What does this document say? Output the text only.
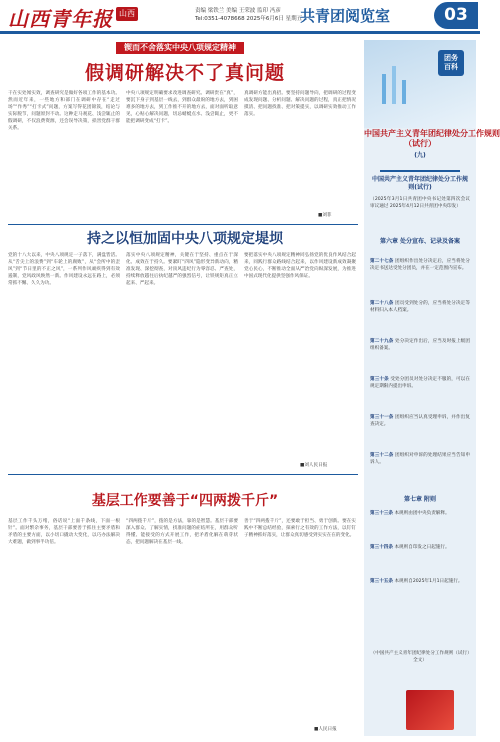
山西青年报 山西	责编 梁铁兰 美编 王荣波 监印 冯彦
Tel:0351-4078668 2025年6月6日 星期五
共青团阅览室	03
锲而不舍落实中央八项规定精神
假调研解决不了真问题
干在实处闻实效，调查研究是做好各项工作的基本功。然而近年来，一些地方和部门在调研中存在“走过场”“作秀”“打卡式”问题，方案写得花团锦簇，结论与实际脱节，问题原封不动。这种走马观花、浅尝辄止的假调研，不仅浪费资源，还会误导决策，损害党群干群关系。
中央八项规定明确要求改进调查研究。调研贵在“真”，要沉下身子到基层一线去，到群众最盼的地方去，到困难多的地方去，到工作推不开的地方去，面对面听取意见，心贴心解决问题，切忌蜻蜓点水、浅尝辄止，更不能把调研变成“打卡”。
真调研方能出真招。要坚持问题导向，把调研的过程变成发现问题、分析问题、解决问题的过程，真正把情况摸清、把问题找准、把对策提实，以调研实效推动工作落实。
■刘菲
持之以恒加固中央八项规定堤坝
党的十八大以来，中央八项规定一子落下，满盘皆活。从“舌尖上的浪费”到“车轮上的腐败”，从“会所中的歪风”到“节日里的不正之风”，一系列作风顽疾得到有效遏制，党风政风焕然一新。作风建设永远在路上，必须常抓不懈、久久为功。
落实中央八项规定精神，关键在于坚持、重点在于深化、成效在于持久。要紧盯“四风”隐形变异新动向，精准发现、深挖彻查，对顶风违纪行为零容忍、严查处，持续释放越往后执纪越严的强烈信号，让铁规矩真正立起来、严起来。
要把落实中央八项规定精神同弘扬党的优良作风结合起来，同践行群众路线结合起来，以作风建设新成效凝聚党心民心，不断推动全面从严治党向纵深发展，为推进中国式现代化提供坚强作风保证。
■刘人民日报
基层工作要善于“四两拨千斤”
基层工作千头万绪，俗话说“上面千条线，下面一根针”。面对繁杂事务，基层干部要善于抓住主要矛盾和矛盾的主要方面，以小切口撬动大变化，以巧办法解决大难题，做到事半功倍。
“四两拨千斤”，拨的是方法，靠的是智慧。基层干部要深入群众、了解实情，找准问题的症结所在，用群众听得懂、能接受的方式开展工作，把矛盾化解在萌芽状态，把问题解决在基层一线。
善于“四两拨千斤”，还要敢于担当、勇于创新。要在实践中不断总结经验，探索行之有效的工作方法，以钉钉子精神抓好落实，让群众真切感受到实实在在的变化。
■人民日报
团务
百科
中国共产主义青年团纪律处分工作规则
（试行）
(九)
中国共产主义青年团纪律处分工作规则(试行)
（2025年3月1日共青团中央书记处第四次会议审议通过 2025年4月12日共青团中央印发）
第六章 处分宣布、记录及备案
第二十七条 团组织作出处分决定后，应当将处分决定书送达受处分团员，并在一定范围内宣布。
第二十八条 团员受到处分的，应当将处分决定等材料归入本人档案。
第二十九条 处分决定作出后，应当及时报上级团组织备案。
第三十条 受处分团员对处分决定不服的，可以在规定期限内提出申诉。
第三十一条 团组织应当认真受理申诉，并作出复查决定。
第三十二条 团组织对申诉的处理结果应当告知申诉人。
第七章 附则
第三十三条 本规则由团中央负责解释。
第三十四条 本规则自印发之日起施行。
第三十五条 本规则自2025年1月1日起施行。
（中国共产主义青年团纪律处分工作规则（试行）全文）
